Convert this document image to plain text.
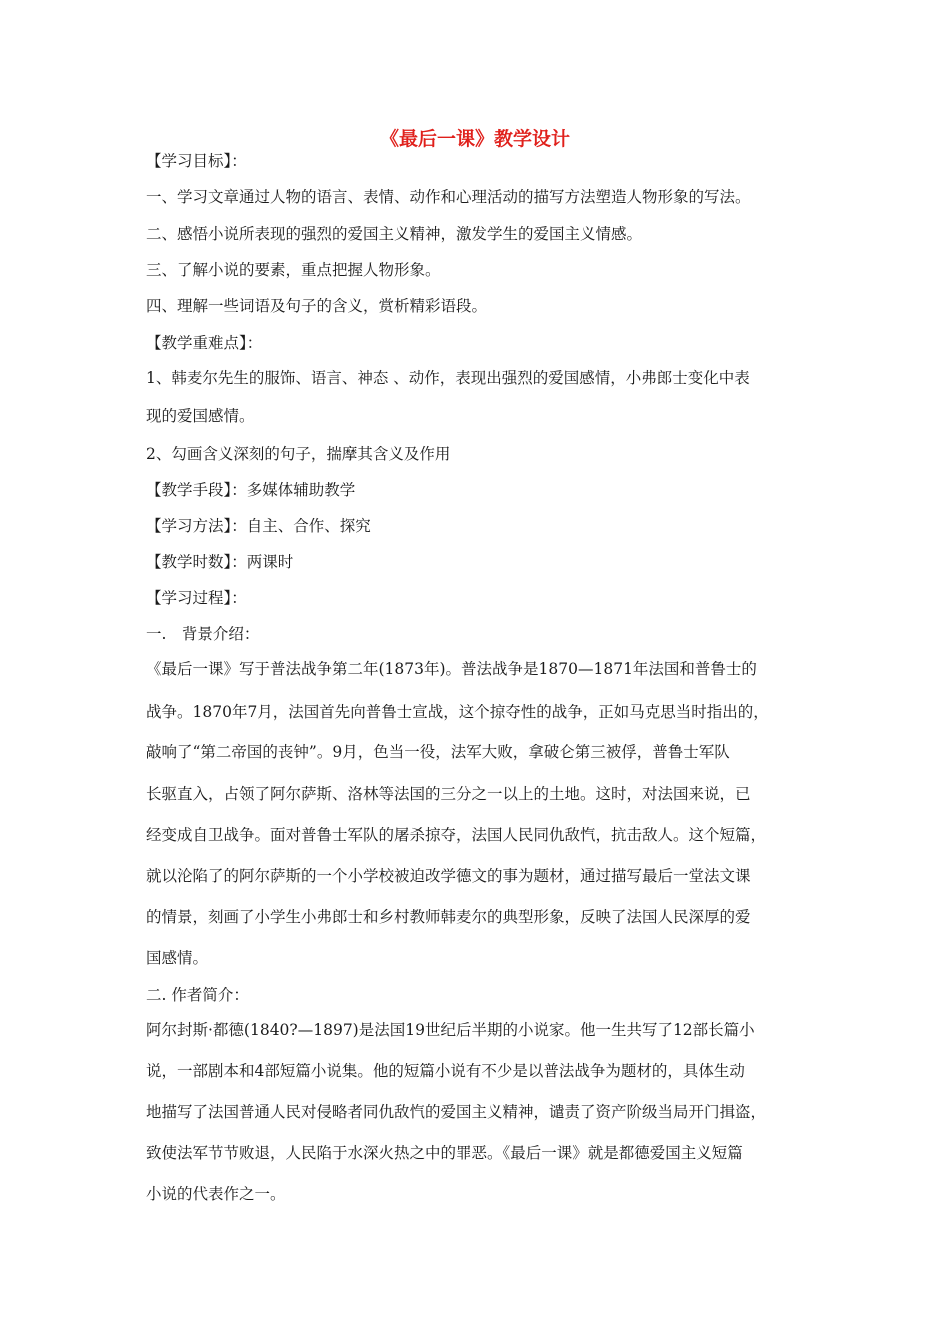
《最后一课》教学设计
【学习目标】：
一、学习文章通过人物的语言、表情、动作和心理活动的描写方法塑造人物形象的写法。
二、感悟小说所表现的强烈的爱国主义精神，激发学生的爱国主义情感。
三、了解小说的要素，重点把握人物形象。
四、理解一些词语及句子的含义，赏析精彩语段。
【教学重难点】：
1、韩麦尔先生的服饰、语言、神态 、动作，表现出强烈的爱国感情，小弗郎士变化中表
现的爱国感情。
2、勾画含义深刻的句子，揣摩其含义及作用
【教学手段】：多媒体辅助教学
【学习方法】：自主、合作、探究
【教学时数】：两课时
【学习过程】：
一.　背景介绍：
《最后一课》写于普法战争第二年(1873年)。普法战争是1870—1871年法国和普鲁士的
战争。1870年7月，法国首先向普鲁士宣战，这个掠夺性的战争，正如马克思当时指出的，
敲响了“第二帝国的丧钟”。9月，色当一役，法军大败，拿破仑第三被俘，普鲁士军队
长驱直入，占领了阿尔萨斯、洛林等法国的三分之一以上的土地。这时，对法国来说，已
经变成自卫战争。面对普鲁士军队的屠杀掠夺，法国人民同仇敌忾，抗击敌人。这个短篇，
就以沦陷了的阿尔萨斯的一个小学校被迫改学德文的事为题材，通过描写最后一堂法文课
的情景，刻画了小学生小弗郎士和乡村教师韩麦尔的典型形象，反映了法国人民深厚的爱
国感情。
二. 作者简介：
阿尔封斯·都德(1840?—1897)是法国19世纪后半期的小说家。他一生共写了12部长篇小
说，一部剧本和4部短篇小说集。他的短篇小说有不少是以普法战争为题材的，具体生动
地描写了法国普通人民对侵略者同仇敌忾的爱国主义精神，谴责了资产阶级当局开门揖盗，
致使法军节节败退，人民陷于水深火热之中的罪恶。《最后一课》就是都德爱国主义短篇
小说的代表作之一。
